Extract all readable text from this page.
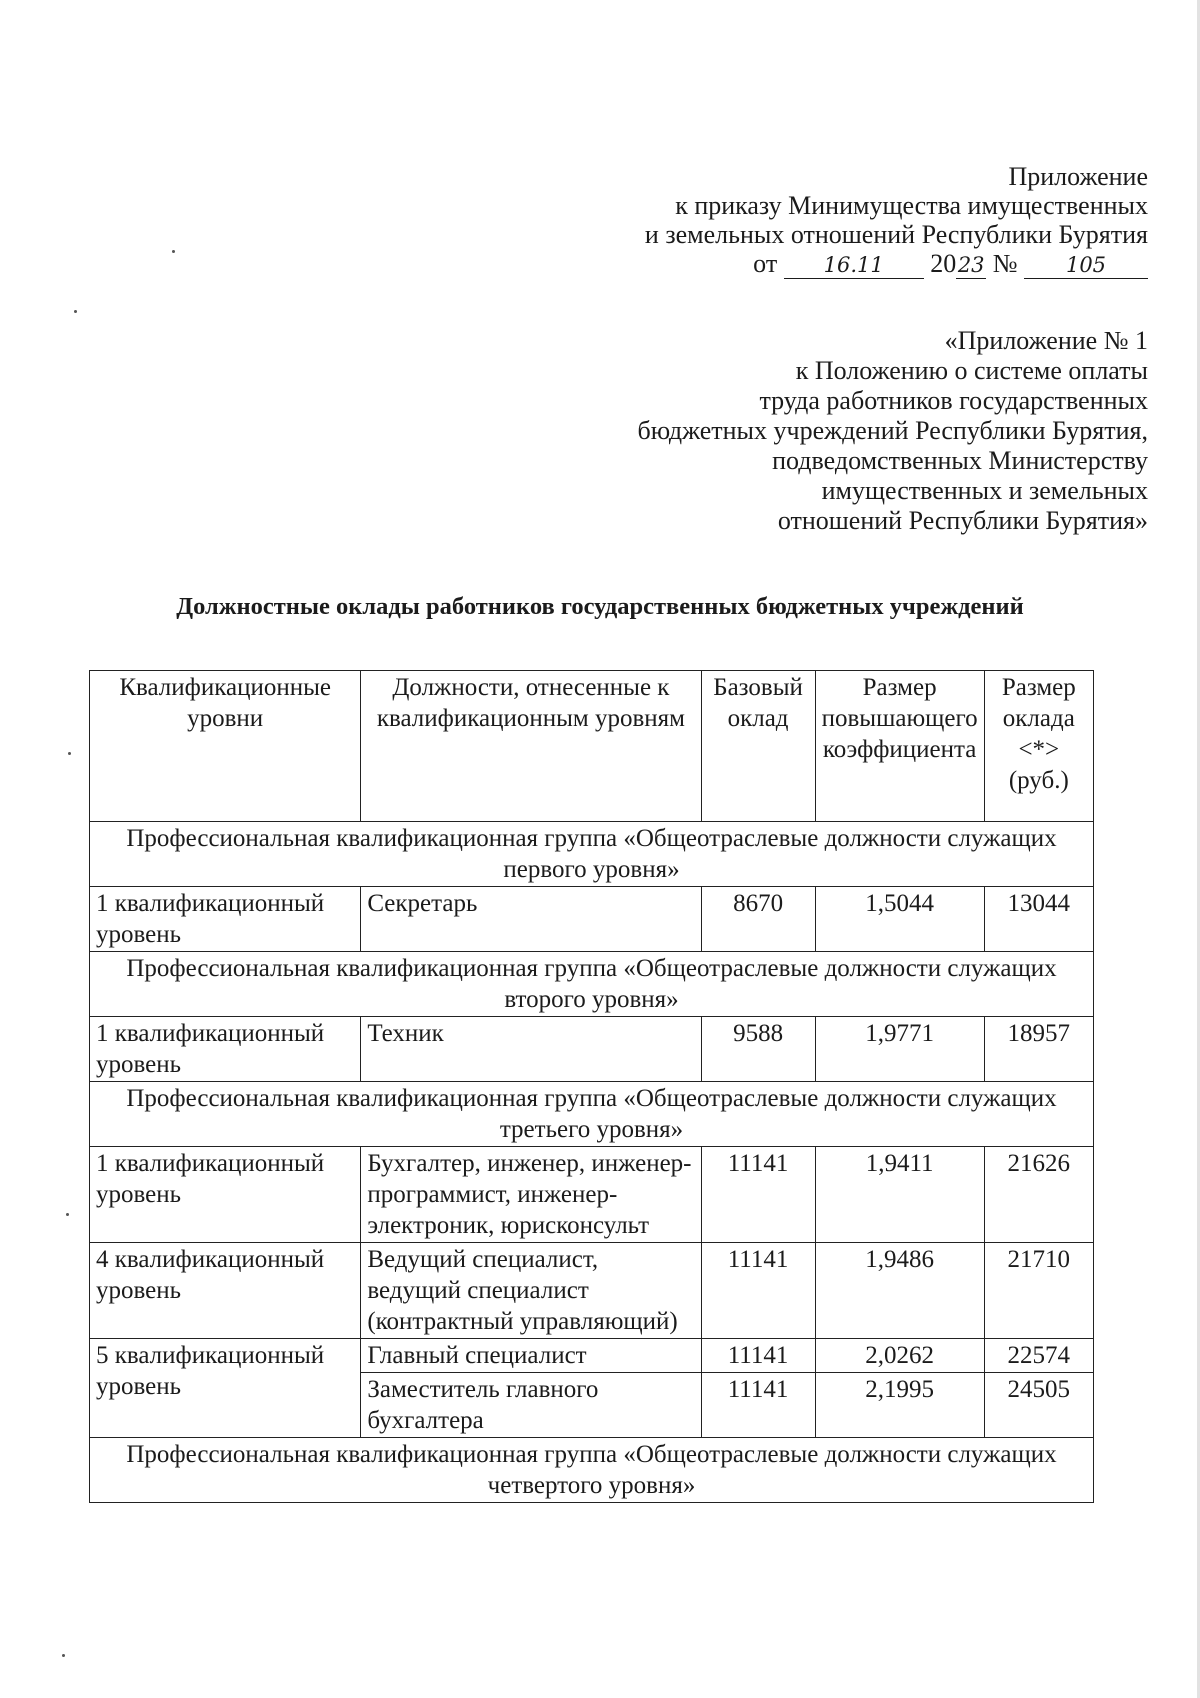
Приложение
к приказу Минимущества имущественных
и земельных отношений Республики Бурятия
от 16.11 2023 № 105
«Приложение № 1
к Положению о системе оплаты
труда работников государственных
бюджетных учреждений Республики Бурятия,
подведомственных Министерству
имущественных и земельных
отношений Республики Бурятия»
Должностные оклады работников государственных бюджетных учреждений
Квалификационные уровни	Должности, отнесенные к квалификационным уровням	Базовый оклад	Размер повышающего коэффициента	Размер оклада <*> (руб.)
Профессиональная квалификационная группа «Общеотраслевые должности служащих первого уровня»				
1 квалификационный уровень	Секретарь	8670	1,5044	13044
Профессиональная квалификационная группа «Общеотраслевые должности служащих второго уровня»				
1 квалификационный уровень	Техник	9588	1,9771	18957
Профессиональная квалификационная группа «Общеотраслевые должности служащих третьего уровня»				
1 квалификационный уровень	Бухгалтер, инженер, инженер-программист, инженер-электроник, юрисконсульт	11141	1,9411	21626
4 квалификационный уровень	Ведущий специалист, ведущий специалист (контрактный управляющий)	11141	1,9486	21710
5 квалификационный уровень	Главный специалист	11141	2,0262	22574
	Заместитель главного бухгалтера	11141	2,1995	24505
Профессиональная квалификационная группа «Общеотраслевые должности служащих четвертого уровня»				
